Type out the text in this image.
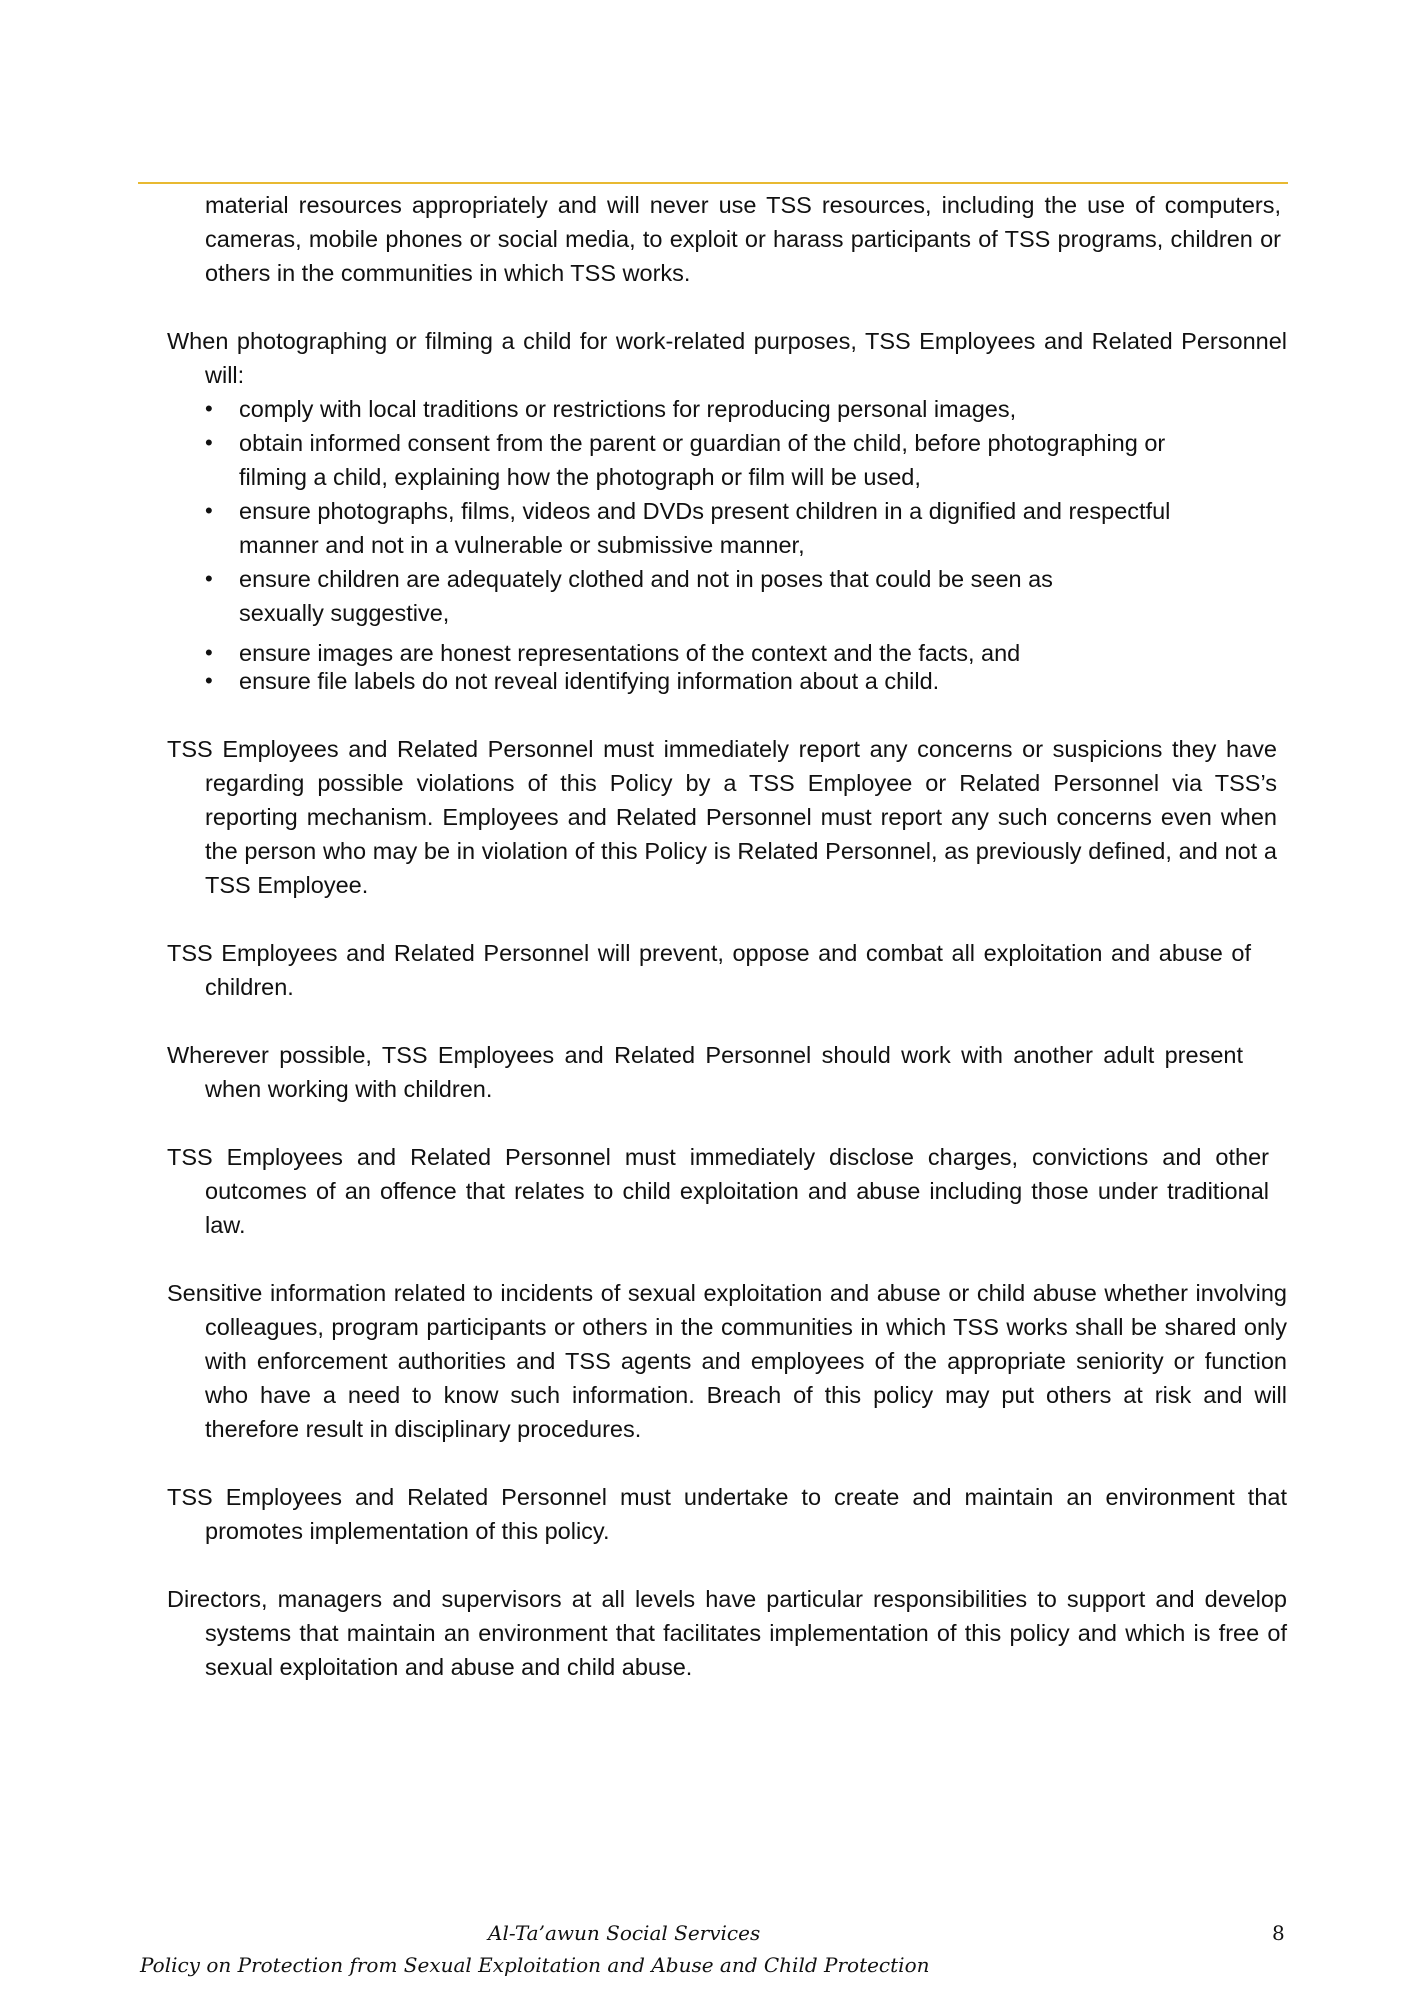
material resources appropriately and will never use TSS resources, including the use of computers, cameras, mobile phones or social media, to exploit or harass participants of TSS programs, children or others in the communities in which TSS works.

When photographing or filming a child for work-related purposes, TSS Employees and Related Personnel will:

• comply with local traditions or restrictions for reproducing personal images,
• obtain informed consent from the parent or guardian of the child, before photographing or filming a child, explaining how the photograph or film will be used,
• ensure photographs, films, videos and DVDs present children in a dignified and respectful manner and not in a vulnerable or submissive manner,
• ensure children are adequately clothed and not in poses that could be seen as sexually suggestive,
• ensure images are honest representations of the context and the facts, and
• ensure file labels do not reveal identifying information about a child.

TSS Employees and Related Personnel must immediately report any concerns or suspicions they have regarding possible violations of this Policy by a TSS Employee or Related Personnel via TSS’s reporting mechanism. Employees and Related Personnel must report any such concerns even when the person who may be in violation of this Policy is Related Personnel, as previously defined, and not a TSS Employee.

TSS Employees and Related Personnel will prevent, oppose and combat all exploitation and abuse of children.

Wherever possible, TSS Employees and Related Personnel should work with another adult present when working with children.

TSS Employees and Related Personnel must immediately disclose charges, convictions and other outcomes of an offence that relates to child exploitation and abuse including those under traditional law.

Sensitive information related to incidents of sexual exploitation and abuse or child abuse whether involving colleagues, program participants or others in the communities in which TSS works shall be shared only with enforcement authorities and TSS agents and employees of the appropriate seniority or function who have a need to know such information. Breach of this policy may put others at risk and will therefore result in disciplinary procedures.

TSS Employees and Related Personnel must undertake to create and maintain an environment that promotes implementation of this policy.

Directors, managers and supervisors at all levels have particular responsibilities to support and develop systems that maintain an environment that facilitates implementation of this policy and which is free of sexual exploitation and abuse and child abuse.

Al-Ta’awun Social Services	8
Policy on Protection from Sexual Exploitation and Abuse and Child Protection
